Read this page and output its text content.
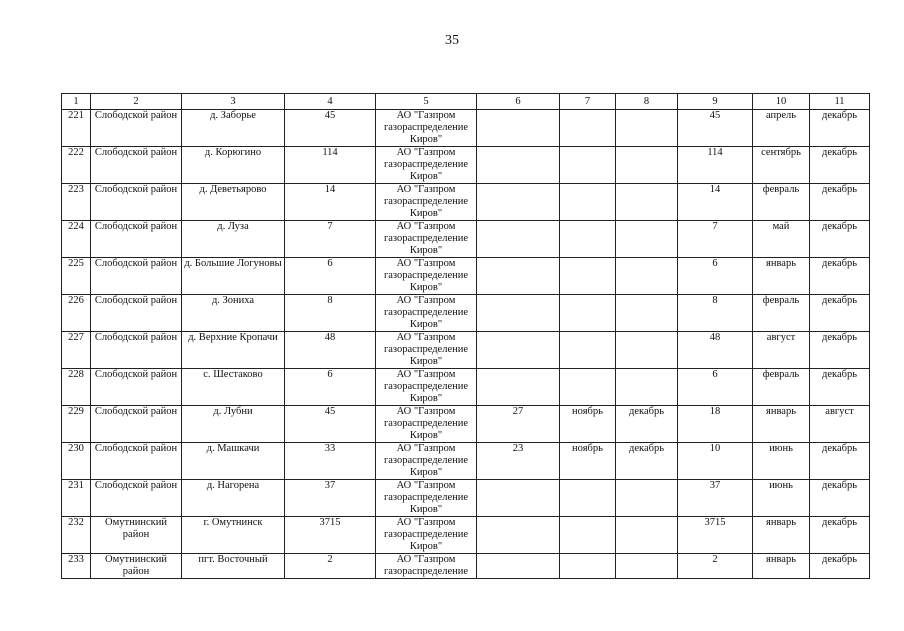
35
1	2	3	4	5	6	7	8	9	10	11
221	Слободской район	д. Заборье	45	АО "Газпром газораспределение Киров"				45	апрель	декабрь
222	Слободской район	д. Корюгино	114	АО "Газпром газораспределение Киров"				114	сентябрь	декабрь
223	Слободской район	д. Деветьярово	14	АО "Газпром газораспределение Киров"				14	февраль	декабрь
224	Слободской район	д. Луза	7	АО "Газпром газораспределение Киров"				7	май	декабрь
225	Слободской район	д. Большие Логуновы	6	АО "Газпром газораспределение Киров"				6	январь	декабрь
226	Слободской район	д. Зониха	8	АО "Газпром газораспределение Киров"				8	февраль	декабрь
227	Слободской район	д. Верхние Кропачи	48	АО "Газпром газораспределение Киров"				48	август	декабрь
228	Слободской район	с. Шестаково	6	АО "Газпром газораспределение Киров"				6	февраль	декабрь
229	Слободской район	д. Лубни	45	АО "Газпром газораспределение Киров"	27	ноябрь	декабрь	18	январь	август
230	Слободской район	д. Машкачи	33	АО "Газпром газораспределение Киров"	23	ноябрь	декабрь	10	июнь	декабрь
231	Слободской район	д. Нагорена	37	АО "Газпром газораспределение Киров"				37	июнь	декабрь
232	Омутнинский район	г. Омутнинск	3715	АО "Газпром газораспределение Киров"				3715	январь	декабрь
233	Омутнинский район	пгт. Восточный	2	АО "Газпром газораспределение				2	январь	декабрь
